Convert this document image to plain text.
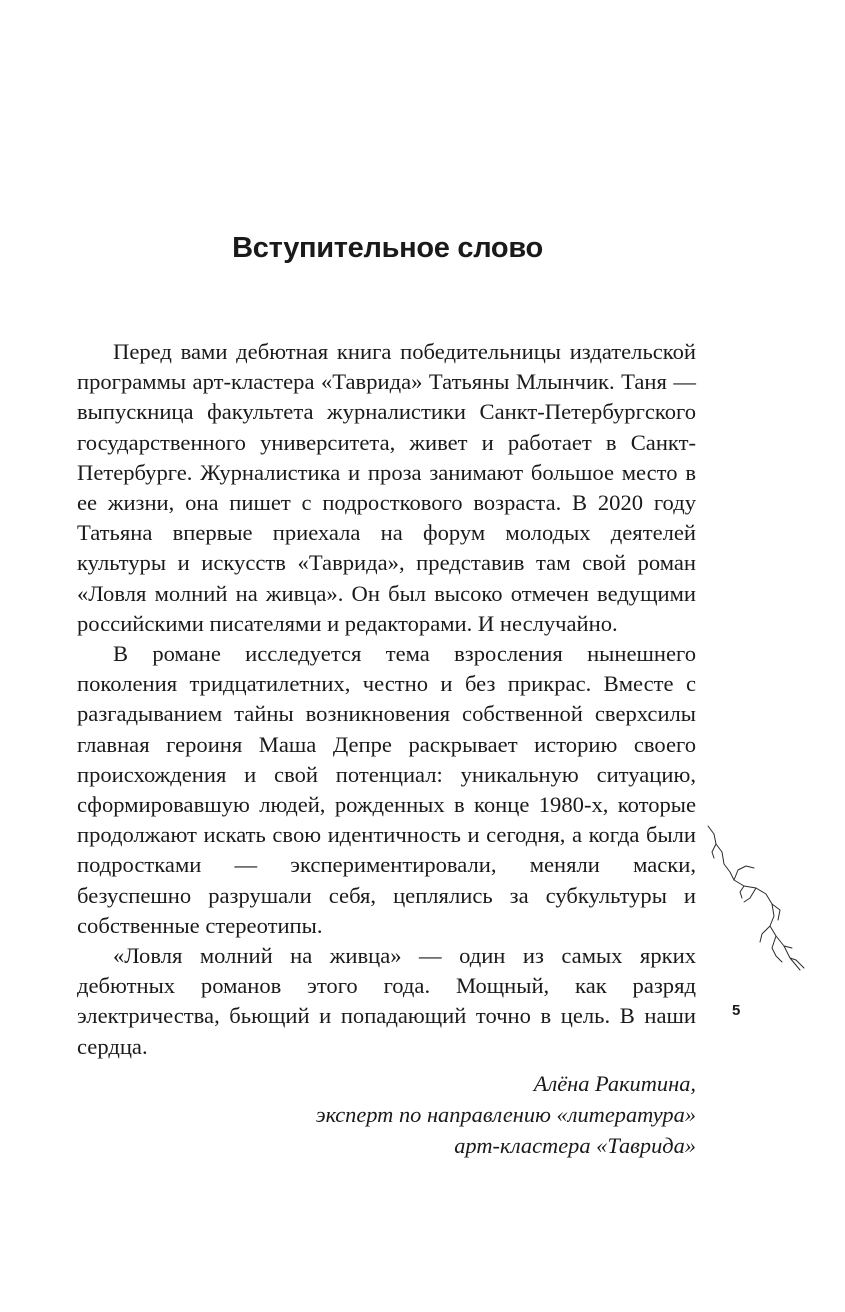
Вступительное слово

Перед вами дебютная книга победительницы издательской программы арт-кластера «Таврида» Татьяны Млынчик. Таня — выпускница факультета журналистики Санкт-Петербургского государственного университета, живет и работает в Санкт-Петербурге. Журналистика и проза занимают большое место в ее жизни, она пишет с подросткового возраста. В 2020 году Татьяна впервые приехала на форум молодых деятелей культуры и искусств «Таврида», представив там свой роман «Ловля молний на живца». Он был высоко отмечен ведущими российскими писателями и редакторами. И неслучайно.

В романе исследуется тема взросления нынешнего поколения тридцатилетних, честно и без прикрас. Вместе с разгадыванием тайны возникновения собственной сверхсилы главная героиня Маша Депре раскрывает историю своего происхождения и свой потенциал: уникальную ситуацию, сформировавшую людей, рожденных в конце 1980-х, которые продолжают искать свою идентичность и сегодня, а когда были подростками — экспериментировали, меняли маски, безуспешно разрушали себя, цеплялись за субкультуры и собственные стереотипы.

«Ловля молний на живца» — один из самых ярких дебютных романов этого года. Мощный, как разряд электричества, бьющий и попадающий точно в цель. В наши сердца.

Алёна Ракитина,
эксперт по направлению «литература»
арт-кластера «Таврида»
5
